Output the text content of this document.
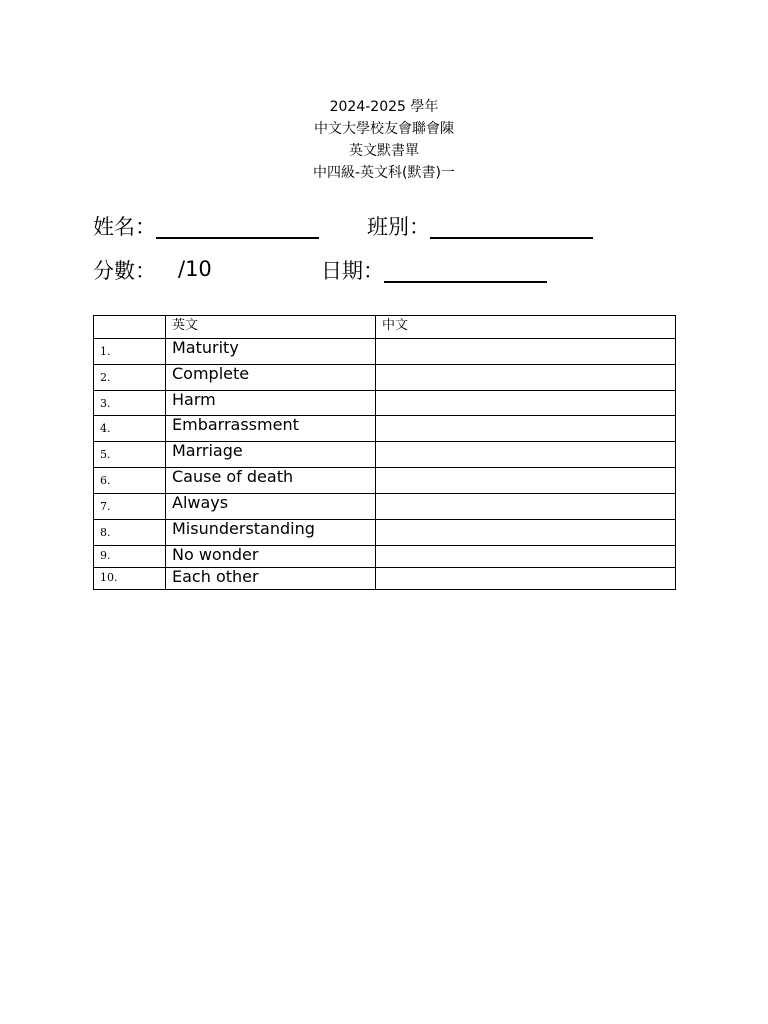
2024-2025 學年
中文大學校友會聯會陳
英文默書單
中四級-英文科(默書)一
姓名：	班別：
分數： /10	日期：
	英文	中文
1.	Maturity	
2.	Complete	
3.	Harm	
4.	Embarrassment	
5.	Marriage	
6.	Cause of death	
7.	Always	
8.	Misunderstanding	
9.	No wonder	
10.	Each other	
